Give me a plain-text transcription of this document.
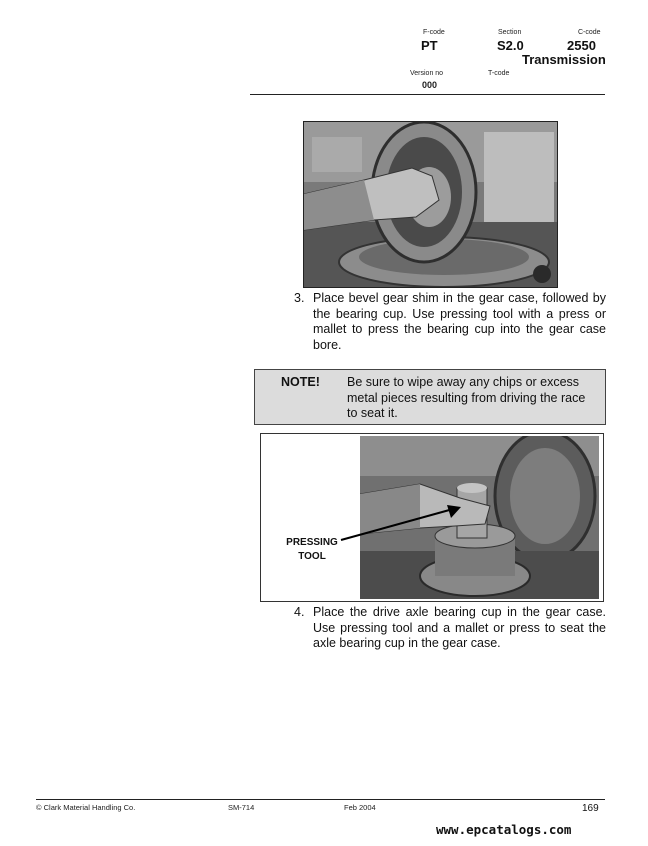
F-code
PT
Section
S2.0
C-code
2550
Transmission
Version no
000
T-code
3. Place bevel gear shim in the gear case, followed by the bearing cup. Use pressing tool with a press or mallet to press the bearing cup into the gear case bore.
NOTE! Be sure to wipe away any chips or excess metal pieces resulting from driving the race to seat it.
PRESSING
TOOL
4. Place the drive axle bearing cup in the gear case. Use pressing tool and a mallet or press to seat the axle bearing cup in the gear case.
© Clark Material Handling Co.	SM-714	Feb 2004	169
www.epcatalogs.com
